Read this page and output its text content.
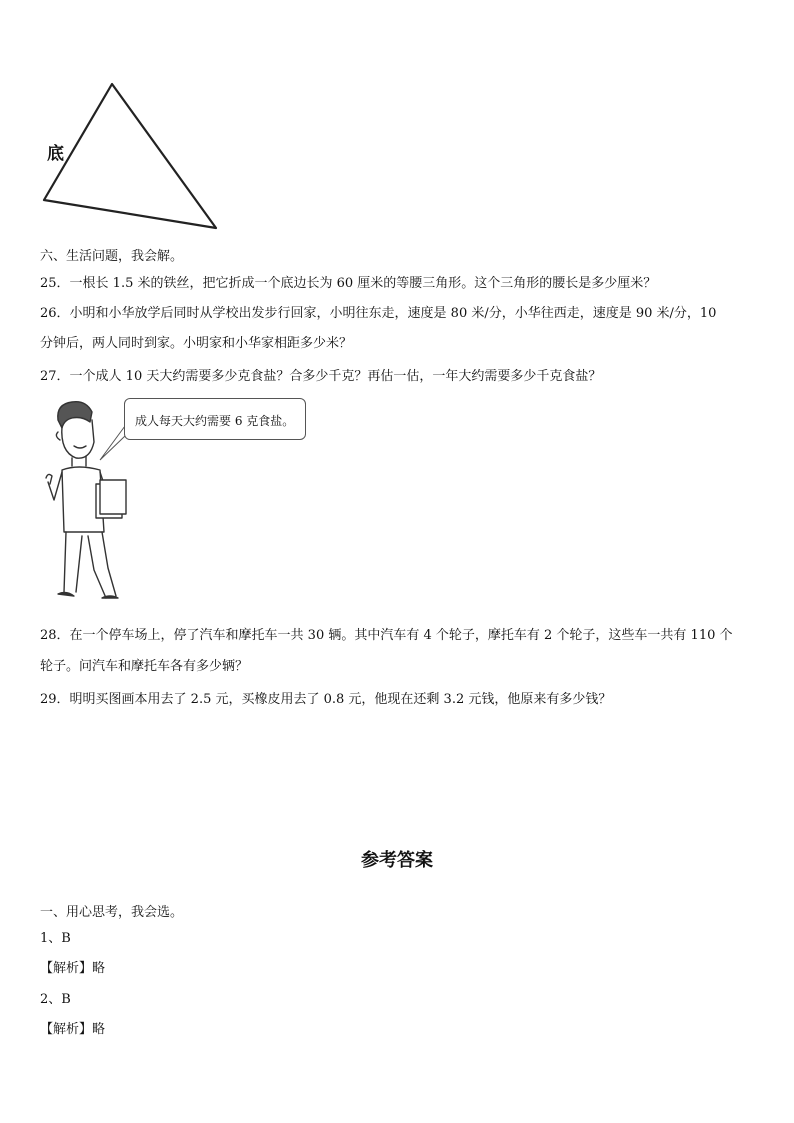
底
六、生活问题，我会解。
25．一根长 1.5 米的铁丝，把它折成一个底边长为 60 厘米的等腰三角形。这个三角形的腰长是多少厘米？
26．小明和小华放学后同时从学校出发步行回家，小明往东走，速度是 80 米/分，小华往西走，速度是 90 米/分，10
分钟后，两人同时到家。小明家和小华家相距多少米？
27．一个成人 10 天大约需要多少克食盐？合多少千克？再估一估，一年大约需要多少千克食盐？
成人每天大约需要 6 克食盐。
28．在一个停车场上，停了汽车和摩托车一共 30 辆。其中汽车有 4 个轮子，摩托车有 2 个轮子，这些车一共有 110 个
轮子。问汽车和摩托车各有多少辆？
29．明明买图画本用去了 2.5 元，买橡皮用去了 0.8 元，他现在还剩 3.2 元钱，他原来有多少钱？
参考答案
一、用心思考，我会选。
1、B
【解析】略
2、B
【解析】略
